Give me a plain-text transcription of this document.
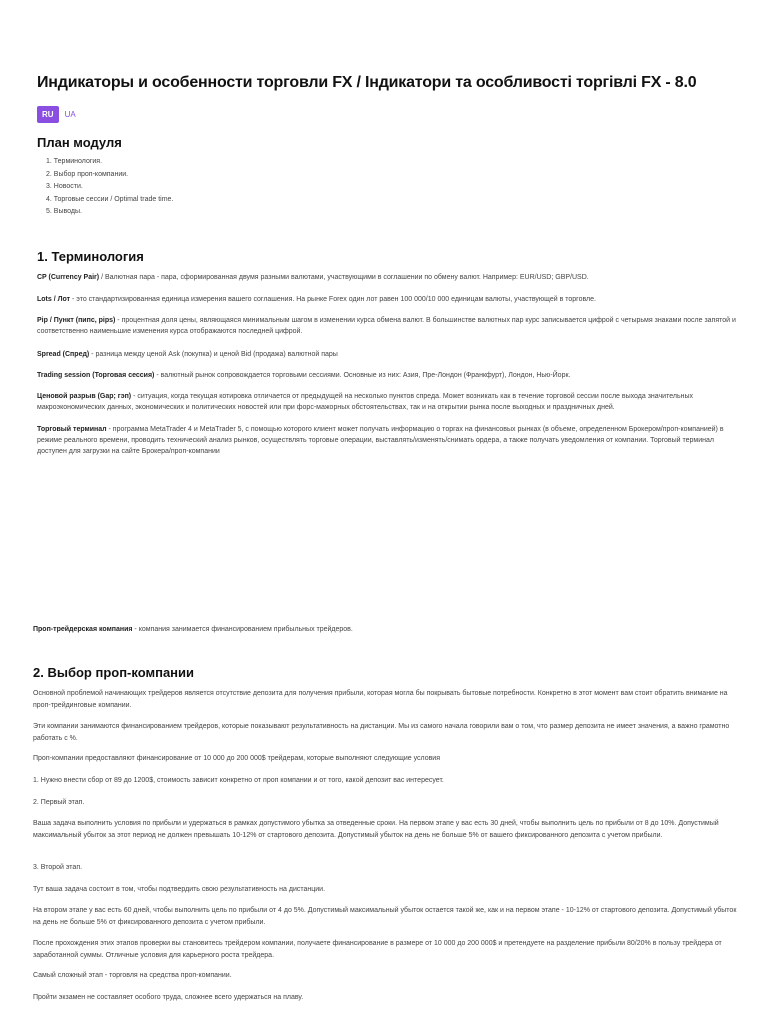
Индикаторы и особенности торговли FX / Індикатори та особливості торгівлі FX - 8.0
RU	UA
План модуля
1. Терминология.
2. Выбор проп-компании.
3. Новости.
4. Торговые сессии / Optimal trade time.
5. Выводы.
1. Терминология
CP (Currency Pair) / Валютная пара - пара, сформированная двумя разными валютами, участвующими в соглашении по обмену валют. Например: EUR/USD; GBP/USD.
Lots / Лот - это стандартизированная единица измерения вашего соглашения. На рынке Forex один лот равен 100 000/10 000 единицам валюты, участвующей в торговле.
Pip / Пункт (пипс, pips) - процентная доля цены, являющаяся минимальным шагом в изменении курса обмена валют. В большинстве валютных пар курс записывается цифрой с четырьмя знаками после запятой и соответственно наименьшие изменения курса отображаются последней цифрой.
Spread (Спред) - разница между ценой Ask (покупка) и ценой Bid (продажа) валютной пары
Trading session (Торговая сессия) - валютный рынок сопровождается торговыми сессиями. Основные из них: Азия, Пре-Лондон (Франкфурт), Лондон, Нью-Йорк.
Ценовой разрыв (Gap; гэп) - ситуация, когда текущая котировка отличается от предыдущей на несколько пунктов спреда. Может возникать как в течение торговой сессии после выхода значительных макроэкономических данных, экономических и политических новостей или при форс-мажорных обстоятельствах, так и на открытии рынка после выходных и праздничных дней.
Торговый терминал - программа MetaTrader 4 и MetaTrader 5, с помощью которого клиент может получать информацию о торгах на финансовых рынках (в объеме, определенном Брокером/проп-компанией) в режиме реального времени, проводить технический анализ рынков, осуществлять торговые операции, выставлять/изменять/снимать ордера, а также получать уведомления от компании. Торговый терминал доступен для загрузки на сайте Брокера/проп-компании
Проп-трейдерская компания - компания занимается финансированием прибыльных трейдеров.
2. Выбор проп-компании
Основной проблемой начинающих трейдеров является отсутствие депозита для получения прибыли, которая могла бы покрывать бытовые потребности. Конкретно в этот момент вам стоит обратить внимание на проп-трейдинговые компании.
Эти компании занимаются финансированием трейдеров, которые показывают результативность на дистанции. Мы из самого начала говорили вам о том, что размер депозита не имеет значения, а важно грамотно работать с %.
Проп-компании предоставляют финансирование от 10 000 до 200 000$ трейдерам, которые выполняют следующие условия
1. Нужно внести сбор от 89 до 1200$, стоимость зависит конкретно от проп компании и от того, какой депозит вас интересует.
2. Первый этап.
Ваша задача выполнить условия по прибыли и удержаться в рамках допустимого убытка за отведенные сроки. На первом этапе у вас есть 30 дней, чтобы выполнить цель по прибыли от 8 до 10%. Допустимый максимальный убыток за этот период не должен превышать 10-12% от стартового депозита. Допустимый убыток на день не больше 5% от вашего фиксированного депозита с учетом прибыли.
3. Второй этап.
Тут ваша задача состоит в том, чтобы подтвердить свою результативность на дистанции.
На втором этапе у вас есть 60 дней, чтобы выполнить цель по прибыли от 4 до 5%. Допустимый максимальный убыток остается такой же, как и на первом этапе - 10-12% от стартового депозита. Допустимый убыток на день не больше 5% от фиксированного депозита с учетом прибыли.
После прохождения этих этапов проверки вы становитесь трейдером компании, получаете финансирование в размере от 10 000 до 200 000$ и претендуете на разделение прибыли 80/20% в пользу трейдера от заработанной суммы. Отличные условия для карьерного роста трейдера.
Самый сложный этап - торговля на средства проп-компании.
Пройти экзамен не составляет особого труда, сложнее всего удержаться на плаву.
